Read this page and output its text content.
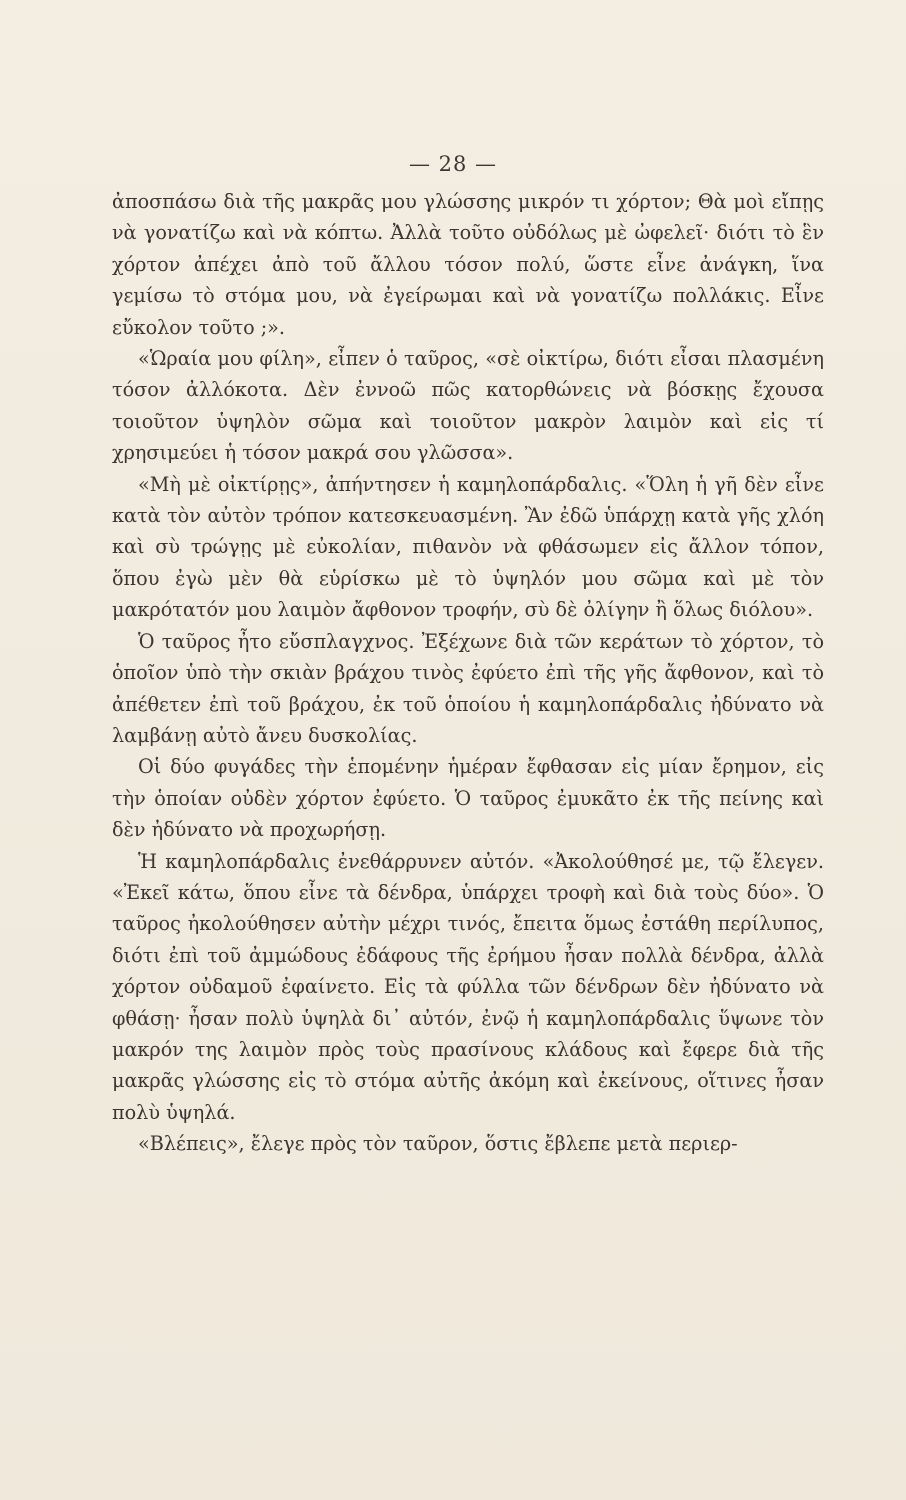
— 28 —

ἀποσπάσω διὰ τῆς μακρᾶς μου γλώσσης μικρόν τι χόρτον; Θὰ μοὶ εἴπῃς νὰ γονατίζω καὶ νὰ κόπτω. Ἀλλὰ τοῦτο οὐδόλως μὲ ὠφελεῖ· διότι τὸ ἓν χόρτον ἀπέχει ἀπὸ τοῦ ἄλλου τόσον πολύ, ὥστε εἶνε ἀνάγκη, ἵνα γεμίσω τὸ στόμα μου, νὰ ἐγείρωμαι καὶ νὰ γονατίζω πολλάκις. Εἶνε εὔκολον τοῦτο ;».

«Ὡραία μου φίλη», εἶπεν ὁ ταῦρος, «σὲ οἰκτίρω, διότι εἶσαι πλασμένη τόσον ἀλλόκοτα. Δὲν ἐννοῶ πῶς κατορθώνεις νὰ βόσκῃς ἔχουσα τοιοῦτον ὑψηλὸν σῶμα καὶ τοιοῦτον μακρὸν λαιμὸν καὶ εἰς τί χρησιμεύει ἡ τόσον μακρά σου γλῶσσα».

«Μὴ μὲ οἰκτίρῃς», ἀπήντησεν ἡ καμηλοπάρδαλις. «Ὅλη ἡ γῆ δὲν εἶνε κατὰ τὸν αὐτὸν τρόπον κατεσκευασμένη. Ἂν ἐδῶ ὑπάρχῃ κατὰ γῆς χλόη καὶ σὺ τρώγῃς μὲ εὐκολίαν, πιθανὸν νὰ φθάσωμεν εἰς ἄλλον τόπον, ὅπου ἐγὼ μὲν θὰ εὑρίσκω μὲ τὸ ὑψηλόν μου σῶμα καὶ μὲ τὸν μακρότατόν μου λαιμὸν ἄφθονον τροφήν, σὺ δὲ ὀλίγην ἢ ὅλως διόλου».

Ὁ ταῦρος ἦτο εὔσπλαγχνος. Ἐξέχωνε διὰ τῶν κεράτων τὸ χόρτον, τὸ ὁποῖον ὑπὸ τὴν σκιὰν βράχου τινὸς ἐφύετο ἐπὶ τῆς γῆς ἄφθονον, καὶ τὸ ἀπέθετεν ἐπὶ τοῦ βράχου, ἐκ τοῦ ὁποίου ἡ καμηλοπάρδαλις ἠδύνατο νὰ λαμβάνῃ αὐτὸ ἄνευ δυσκολίας.

Οἱ δύο φυγάδες τὴν ἑπομένην ἡμέραν ἔφθασαν εἰς μίαν ἔρημον, εἰς τὴν ὁποίαν οὐδὲν χόρτον ἐφύετο. Ὁ ταῦρος ἐμυκᾶτο ἐκ τῆς πείνης καὶ δὲν ἠδύνατο νὰ προχωρήσῃ.

Ἡ καμηλοπάρδαλις ἐνεθάρρυνεν αὐτόν. «Ἀκολούθησέ με, τῷ ἔλεγεν. «Ἐκεῖ κάτω, ὅπου εἶνε τὰ δένδρα, ὑπάρχει τροφὴ καὶ διὰ τοὺς δύο». Ὁ ταῦρος ἠκολούθησεν αὐτὴν μέχρι τινός, ἔπειτα ὅμως ἐστάθη περίλυπος, διότι ἐπὶ τοῦ ἀμμώδους ἐδάφους τῆς ἐρήμου ἦσαν πολλὰ δένδρα, ἀλλὰ χόρτον οὐδαμοῦ ἐφαίνετο. Εἰς τὰ φύλλα τῶν δένδρων δὲν ἠδύνατο νὰ φθάσῃ· ἦσαν πολὺ ὑψηλὰ δι᾽ αὐτόν, ἐνῷ ἡ καμηλοπάρδαλις ὕψωνε τὸν μακρόν της λαιμὸν πρὸς τοὺς πρασίνους κλάδους καὶ ἔφερε διὰ τῆς μακρᾶς γλώσσης εἰς τὸ στόμα αὐτῆς ἀκόμη καὶ ἐκείνους, οἵτινες ἦσαν πολὺ ὑψηλά.

«Βλέπεις», ἔλεγε πρὸς τὸν ταῦρον, ὅστις ἔβλεπε μετὰ περιερ-
